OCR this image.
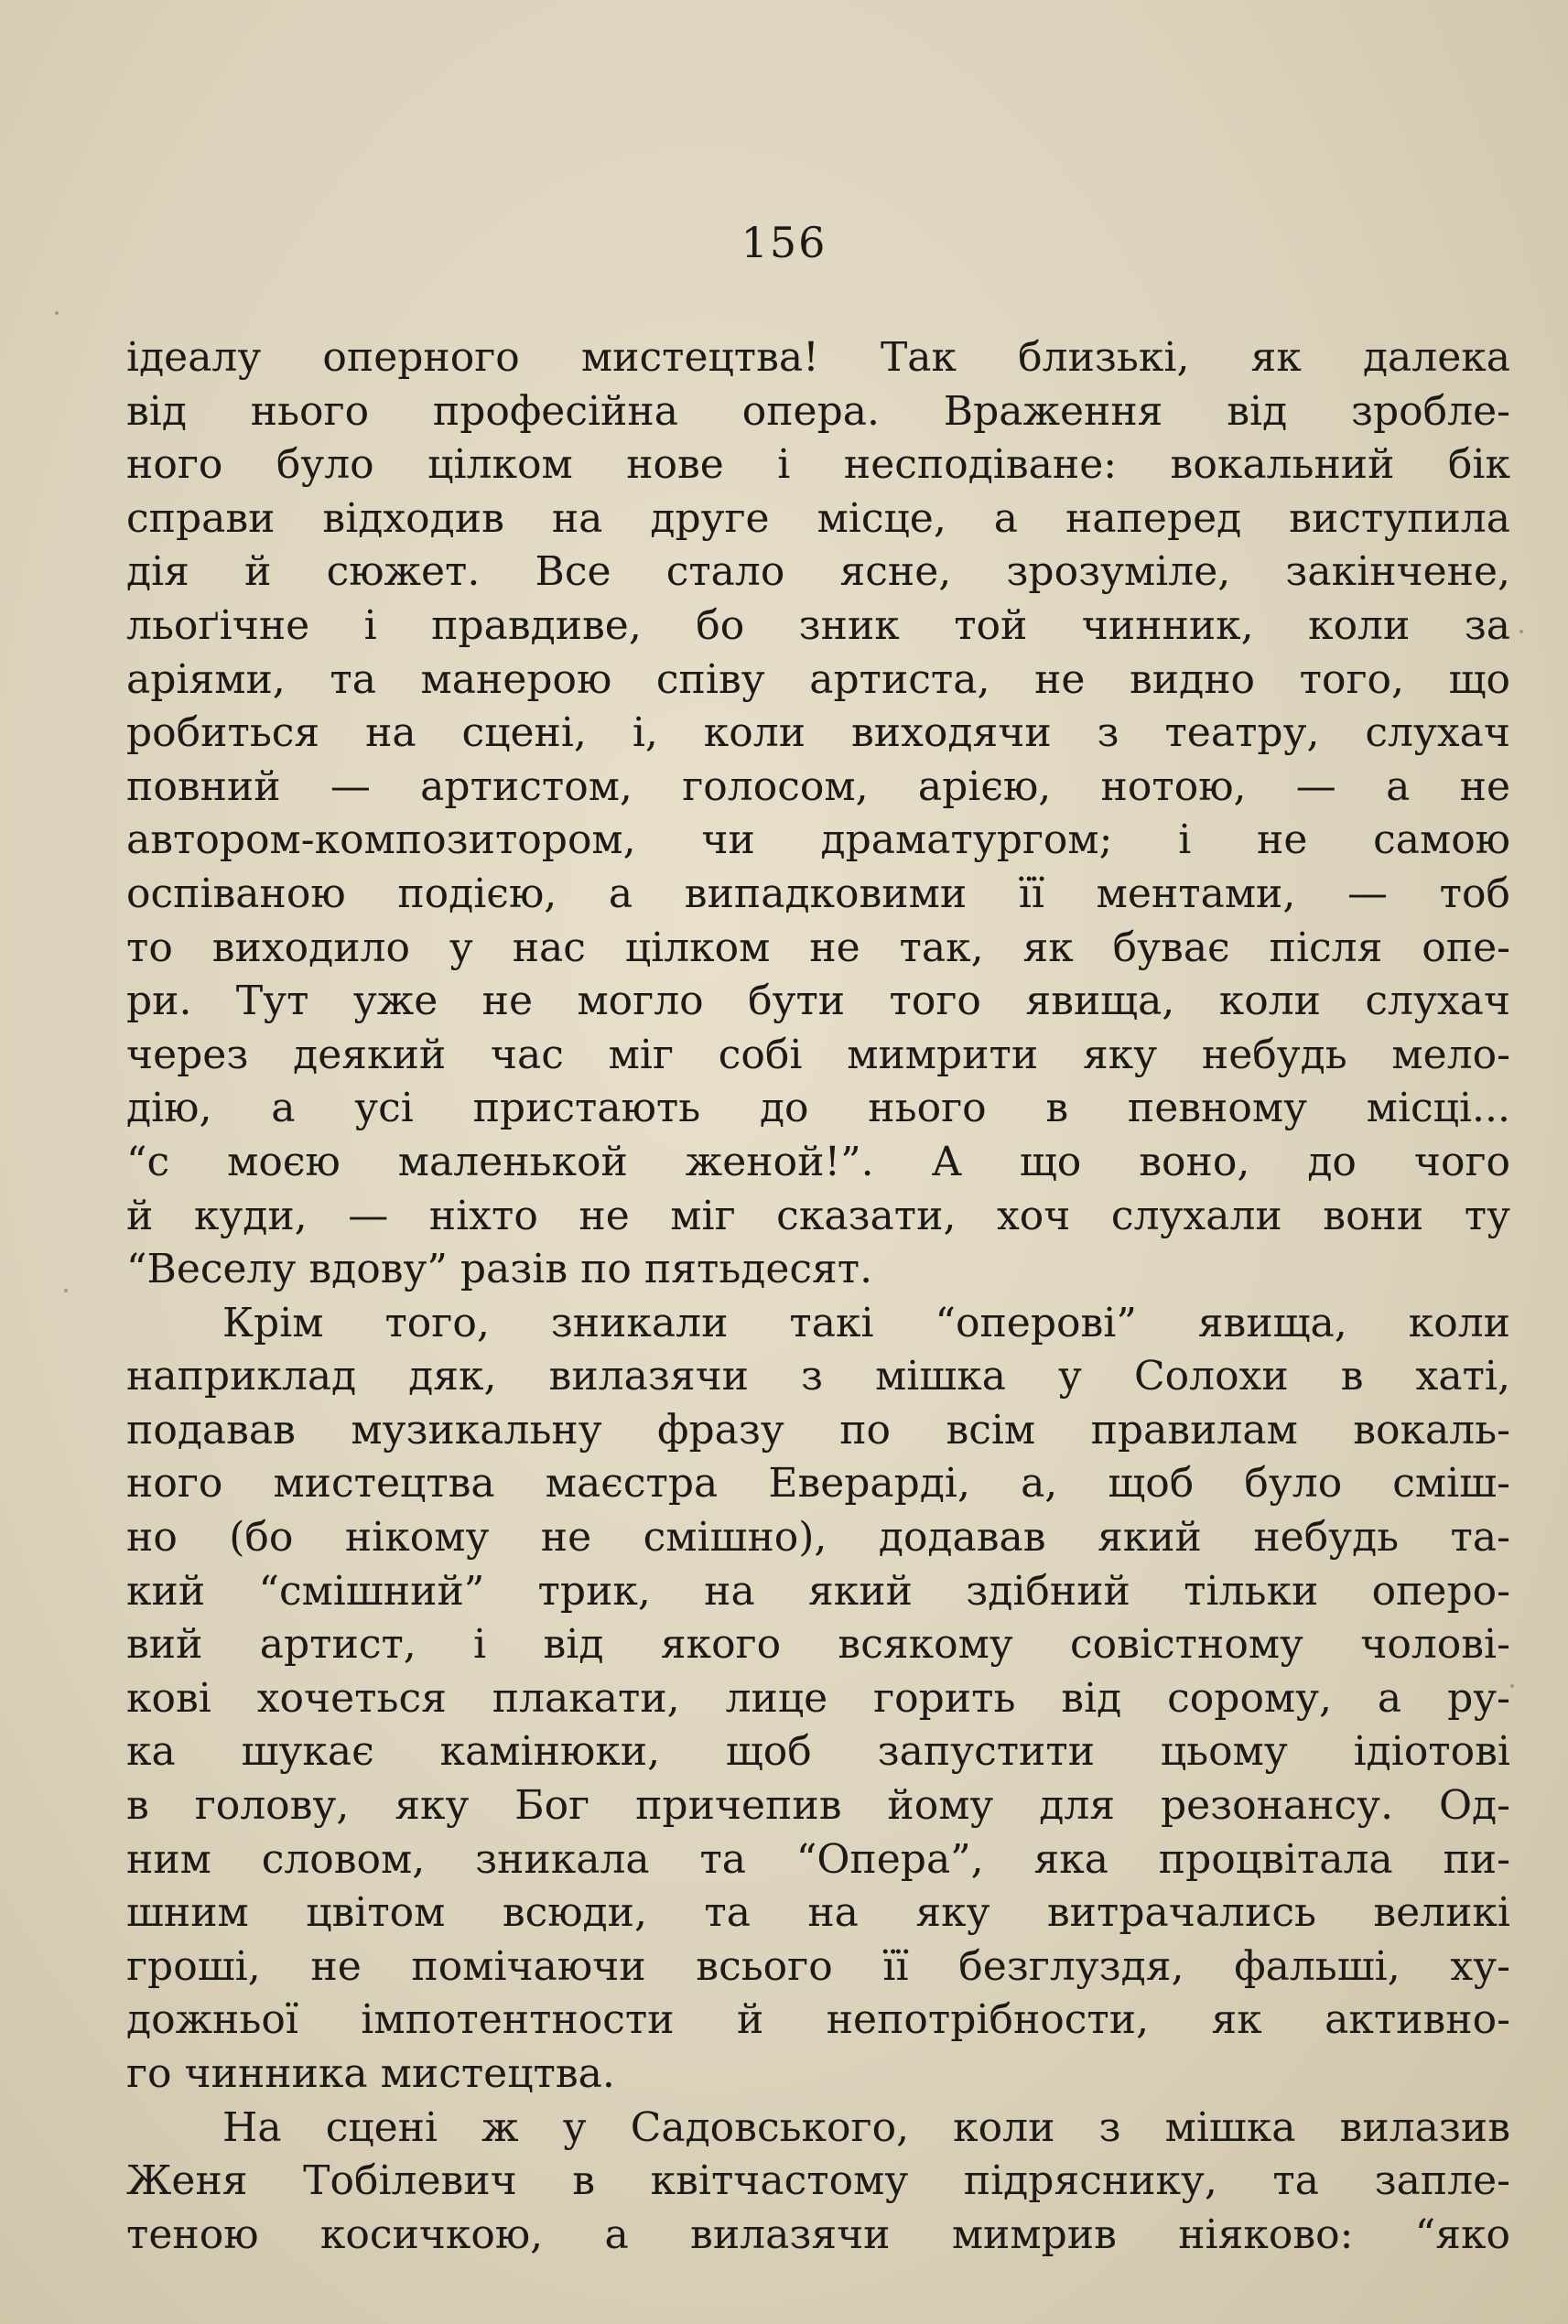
156
ідеалу оперного мистецтва! Так близькі, як далека
від нього професійна опера. Враження від зробле-
ного було цілком нове і несподіване: вокальний бік
справи відходив на друге місце, а наперед виступила
дія й сюжет. Все стало ясне, зрозуміле, закінчене,
льоґічне і правдиве, бо зник той чинник, коли за
аріями, та манерою співу артиста, не видно того, що
робиться на сцені, і, коли виходячи з театру, слухач
повний — артистом, голосом, арією, нотою, — а не
автором-композитором, чи драматургом; і не самою
оспіваною подією, а випадковими її ментами, — тоб
то виходило у нас цілком не так, як буває після опе-
ри. Тут уже не могло бути того явища, коли слухач
через деякий час міг собі мимрити яку небудь мело-
дію, а усі пристають до нього в певному місці...
“с моєю маленькой женой!”. А що воно, до чого
й куди, — ніхто не міг сказати, хоч слухали вони ту
“Веселу вдову” разів по пятьдесят.
Крім того, зникали такі “оперові” явища, коли
наприклад дяк, вилазячи з мішка у Солохи в хаті,
подавав музикальну фразу по всім правилам вокаль-
ного мистецтва маєстра Еверарді, а, щоб було сміш-
но (бо нікому не смішно), додавав який небудь та-
кий “смішний” трик, на який здібний тільки оперо-
вий артист, і від якого всякому совістному чолові-
кові хочеться плакати, лице горить від сорому, а ру-
ка шукає камінюки, щоб запустити цьому ідіотові
в голову, яку Бог причепив йому для резонансу. Од-
ним словом, зникала та “Опера”, яка процвітала пи-
шним цвітом всюди, та на яку витрачались великі
гроші, не помічаючи всього її безглуздя, фальші, ху-
дожньої імпотентности й непотрібности, як активно-
го чинника мистецтва.
На сцені ж у Садовського, коли з мішка вилазив
Женя Тобілевич в квітчастому підряснику, та запле-
теною косичкою, а вилазячи мимрив ніяково: “яко
